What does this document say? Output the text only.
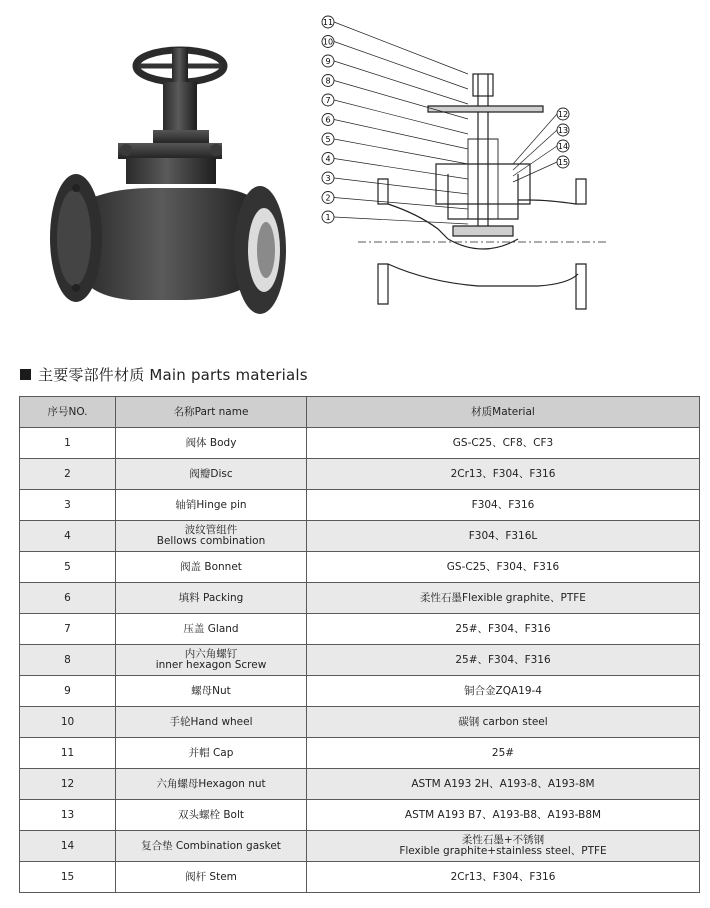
11
10
9
8
7
6
5
4
3
2
1
12
13
14
15
主要零部件材质 Main parts materials
序号NO.	名称Part name	材质Material

1	阀体 Body	GS-C25、CF8、CF3

2	阀瓣Disc	2Cr13、F304、F316

3	轴销Hinge pin	F304、F316

4	波纹管组件
Bellows combination	F304、F316L

5	阀盖 Bonnet	GS-C25、F304、F316

6	填料 Packing	柔性石墨Flexible graphite、PTFE

7	压盖 Gland	25#、F304、F316

8	内六角螺钉
inner hexagon Screw	25#、F304、F316

9	螺母Nut	铜合金ZQA19-4

10	手轮Hand wheel	碳钢 carbon steel

11	并帽 Cap	25#

12	六角螺母Hexagon nut	ASTM A193 2H、A193-8、A193-8M

13	双头螺栓 Bolt	ASTM A193 B7、A193-B8、A193-B8M

14	复合垫 Combination gasket	柔性石墨+不锈钢
Flexible graphite+stainless steel、PTFE

15	阀杆 Stem	2Cr13、F304、F316
